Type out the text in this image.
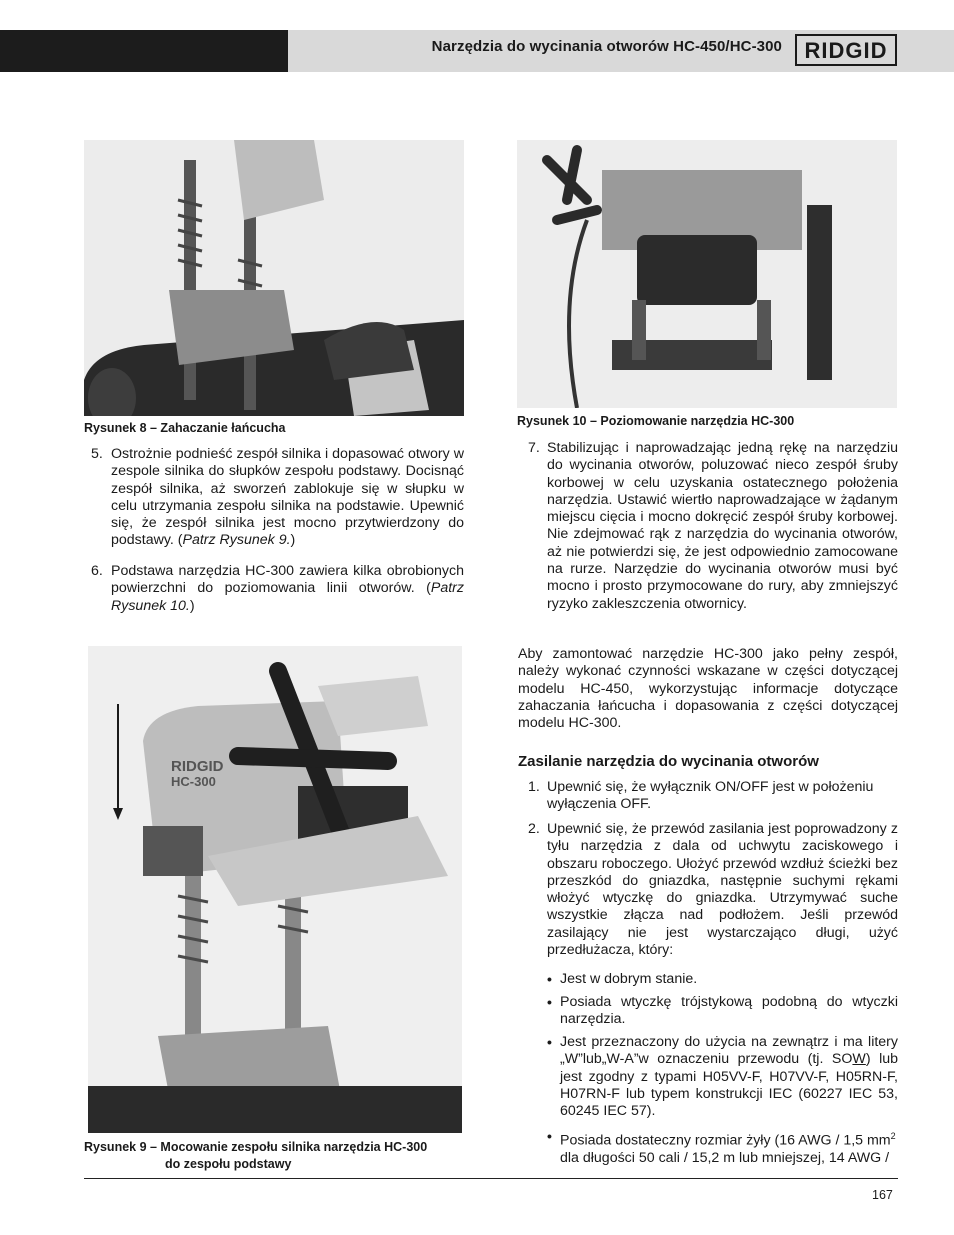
Narzędzia do wycinania otworów HC-450/HC-300 RIDGID
Rysunek 8 – Zahaczanie łańcucha	Rysunek 10 – Poziomowanie narzędzia HC-300
5. Ostrożnie podnieść zespół silnika i dopasować otwory w zespole silnika do słupków zespołu podstawy. Docisnąć zespół silnika, aż sworzeń zablokuje się w słupku w celu utrzymania zespołu silnika na podstawie. Upewnić się, że zespół silnika jest mocno przytwierdzony do podstawy. (Patrz Rysunek 9.)
6. Podstawa narzędzia HC-300 zawiera kilka obrobionych powierzchni do poziomowania linii otworów. (Patrz Rysunek 10.)
RIDGID
HC-300
Rysunek 9 – Mocowanie zespołu silnika narzędzia HC-300
do zespołu podstawy
7. Stabilizując i naprowadzając jedną rękę na narzędziu do wycinania otworów, poluzować nieco zespół śruby korbowej w celu uzyskania ostatecznego położenia narzędzia. Ustawić wiertło naprowadzające w żądanym miejscu cięcia i mocno dokręcić zespół śruby korbowej. Nie zdejmować rąk z narzędzia do wycinania otworów, aż nie potwierdzi się, że jest odpowiednio zamocowane na rurze. Narzędzie do wycinania otworów musi być mocno i prosto przymocowane do rury, aby zmniejszyć ryzyko zakleszczenia otwornicy.
Aby zamontować narzędzie HC-300 jako pełny zespół, należy wykonać czynności wskazane w części dotyczącej modelu HC-450, wykorzystując informacje dotyczące zahaczania łańcucha i dopasowania z części dotyczącej modelu HC-300.
Zasilanie narzędzia do wycinania otworów
1. Upewnić się, że wyłącznik ON/OFF jest w położeniu wyłączenia OFF.
2. Upewnić się, że przewód zasilania jest poprowadzony z tyłu narzędzia z dala od uchwytu zaciskowego i obszaru roboczego. Ułożyć przewód wzdłuż ścieżki bez przeszkód do gniazdka, następnie suchymi rękami włożyć wtyczkę do gniazdka. Utrzymywać suche wszystkie złącza nad podłożem. Jeśli przewód zasilający nie jest wystarczająco długi, użyć przedłużacza, który:
• Jest w dobrym stanie.
• Posiada wtyczkę trójstykową podobną do wtyczki narzędzia.
• Jest przeznaczony do użycia na zewnątrz i ma litery „W”lub„W-A”w oznaczeniu przewodu (tj. SOW) lub jest zgodny z typami H05VV-F, H07VV-F, H05RN-F, H07RN-F lub typem konstrukcji IEC (60227 IEC 53, 60245 IEC 57).
• Posiada dostateczny rozmiar żyły (16 AWG / 1,5 $mm^2$ dla długości 50 cali / 15,2 m lub mniejszej, 14 AWG /
167
